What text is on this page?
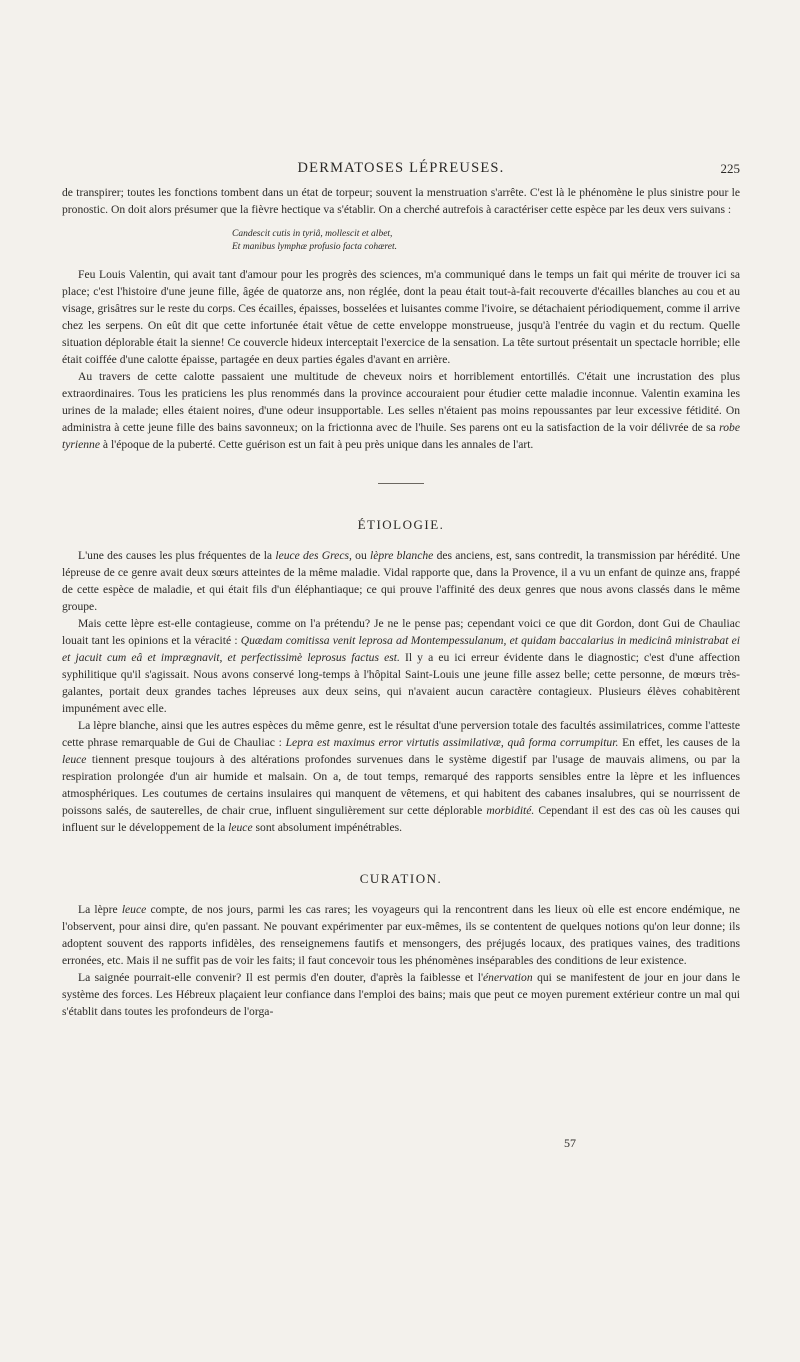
DERMATOSES LÉPREUSES.	225

de transpirer; toutes les fonctions tombent dans un état de torpeur; souvent la menstruation s'arrête. C'est là le phénomène le plus sinistre pour le pronostic. On doit alors présumer que la fièvre hectique va s'établir. On a cherché autrefois à caractériser cette espèce par les deux vers suivans :

Candescit cutis in tyriâ, mollescit et albet,
Et manibus lymphæ profusio facta cohæret.

Feu Louis Valentin, qui avait tant d'amour pour les progrès des sciences, m'a communiqué dans le temps un fait qui mérite de trouver ici sa place; c'est l'histoire d'une jeune fille, âgée de quatorze ans, non réglée, dont la peau était tout-à-fait recouverte d'écailles blanches au cou et au visage, grisâtres sur le reste du corps. Ces écailles, épaisses, bosselées et luisantes comme l'ivoire, se détachaient périodiquement, comme il arrive chez les serpens. On eût dit que cette infortunée était vêtue de cette enveloppe monstrueuse, jusqu'à l'entrée du vagin et du rectum. Quelle situation déplorable était la sienne! Ce couvercle hideux interceptait l'exercice de la sensation. La tête surtout présentait un spectacle horrible; elle était coiffée d'une calotte épaisse, partagée en deux parties égales d'avant en arrière.

Au travers de cette calotte passaient une multitude de cheveux noirs et horriblement entortillés. C'était une incrustation des plus extraordinaires. Tous les praticiens les plus renommés dans la province accouraient pour étudier cette maladie inconnue. Valentin examina les urines de la malade; elles étaient noires, d'une odeur insupportable. Les selles n'étaient pas moins repoussantes par leur excessive fétidité. On administra à cette jeune fille des bains savonneux; on la frictionna avec de l'huile. Ses parens ont eu la satisfaction de la voir délivrée de sa robe tyrienne à l'époque de la puberté. Cette guérison est un fait à peu près unique dans les annales de l'art.

ÉTIOLOGIE.

L'une des causes les plus fréquentes de la leuce des Grecs, ou lèpre blanche des anciens, est, sans contredit, la transmission par hérédité. Une lépreuse de ce genre avait deux sœurs atteintes de la même maladie. Vidal rapporte que, dans la Provence, il a vu un enfant de quinze ans, frappé de cette espèce de maladie, et qui était fils d'un éléphantiaque; ce qui prouve l'affinité des deux genres que nous avons classés dans le même groupe.

Mais cette lèpre est-elle contagieuse, comme on l'a prétendu? Je ne le pense pas; cependant voici ce que dit Gordon, dont Gui de Chauliac louait tant les opinions et la véracité : Quædam comitissa venit leprosa ad Montempessulanum, et quidam baccalarius in medicinâ ministrabat ei et jacuit cum eâ et imprægnavit, et perfectissimè leprosus factus est. Il y a eu ici erreur évidente dans le diagnostic; c'est d'une affection syphilitique qu'il s'agissait. Nous avons conservé long-temps à l'hôpital Saint-Louis une jeune fille assez belle; cette personne, de mœurs très-galantes, portait deux grandes taches lépreuses aux deux seins, qui n'avaient aucun caractère contagieux. Plusieurs élèves cohabitèrent impunément avec elle.

La lèpre blanche, ainsi que les autres espèces du même genre, est le résultat d'une perversion totale des facultés assimilatrices, comme l'atteste cette phrase remarquable de Gui de Chauliac : Lepra est maximus error virtutis assimilativæ, quâ forma corrumpitur. En effet, les causes de la leuce tiennent presque toujours à des altérations profondes survenues dans le système digestif par l'usage de mauvais alimens, ou par la respiration prolongée d'un air humide et malsain. On a, de tout temps, remarqué des rapports sensibles entre la lèpre et les influences atmosphériques. Les coutumes de certains insulaires qui manquent de vêtemens, et qui habitent des cabanes insalubres, qui se nourrissent de poissons salés, de sauterelles, de chair crue, influent singulièrement sur cette déplorable morbidité. Cependant il est des cas où les causes qui influent sur le développement de la leuce sont absolument impénétrables.

CURATION.

La lèpre leuce compte, de nos jours, parmi les cas rares; les voyageurs qui la rencontrent dans les lieux où elle est encore endémique, ne l'observent, pour ainsi dire, qu'en passant. Ne pouvant expérimenter par eux-mêmes, ils se contentent de quelques notions qu'on leur donne; ils adoptent souvent des rapports infidèles, des renseignemens fautifs et mensongers, des préjugés locaux, des pratiques vaines, des traditions erronées, etc. Mais il ne suffit pas de voir les faits; il faut concevoir tous les phénomènes inséparables des conditions de leur existence.

La saignée pourrait-elle convenir? Il est permis d'en douter, d'après la faiblesse et l'énervation qui se manifestent de jour en jour dans le système des forces. Les Hébreux plaçaient leur confiance dans l'emploi des bains; mais que peut ce moyen purement extérieur contre un mal qui s'établit dans toutes les profondeurs de l'orga-

57
